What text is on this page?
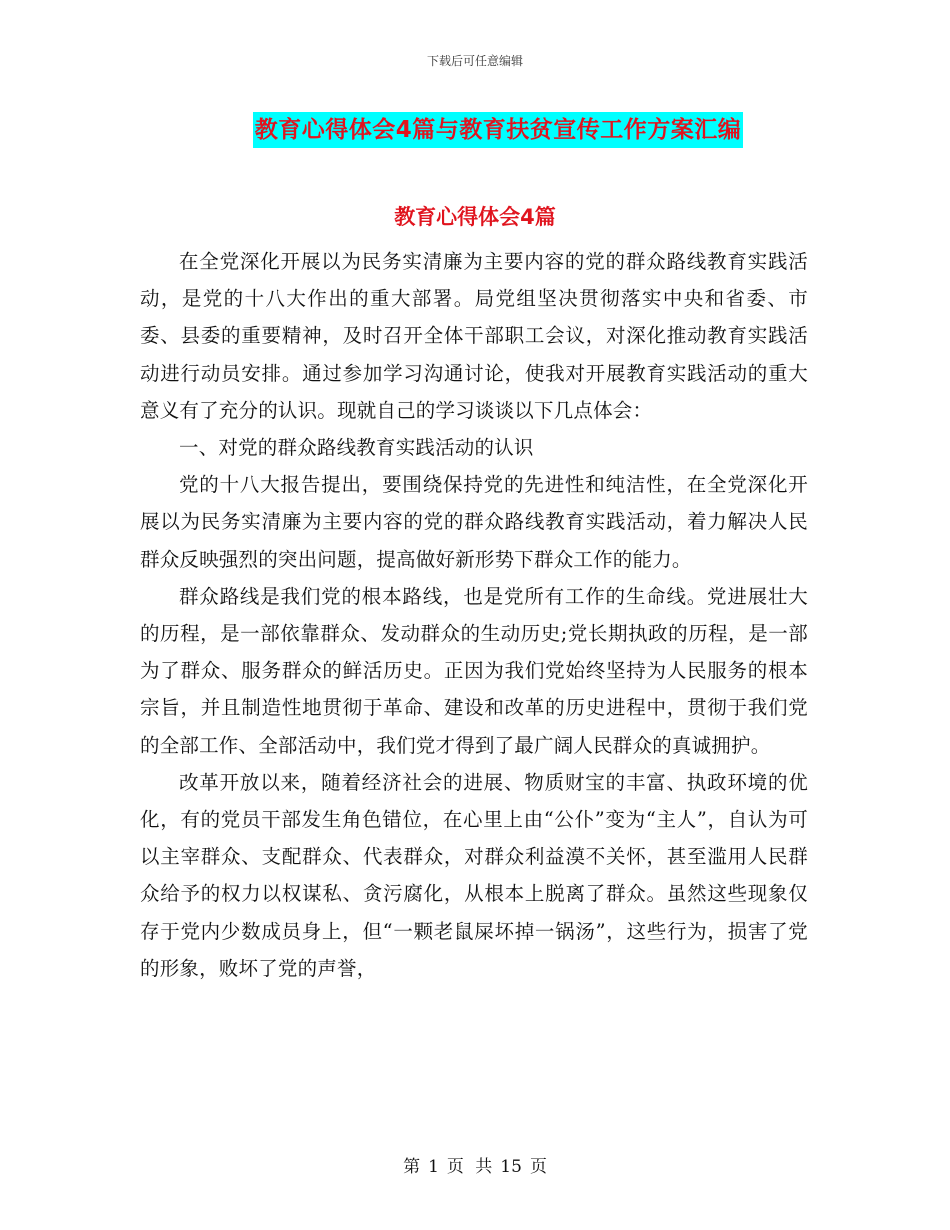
下载后可任意编辑
教育心得体会4篇与教育扶贫宣传工作方案汇编
教育心得体会4篇

在全党深化开展以为民务实清廉为主要内容的党的群众路线教育实践活动，是党的十八大作出的重大部署。局党组坚决贯彻落实中央和省委、市委、县委的重要精神，及时召开全体干部职工会议，对深化推动教育实践活动进行动员安排。通过参加学习沟通讨论，使我对开展教育实践活动的重大意义有了充分的认识。现就自己的学习谈谈以下几点体会：

一、对党的群众路线教育实践活动的认识

党的十八大报告提出，要围绕保持党的先进性和纯洁性，在全党深化开展以为民务实清廉为主要内容的党的群众路线教育实践活动，着力解决人民群众反映强烈的突出问题，提高做好新形势下群众工作的能力。

群众路线是我们党的根本路线，也是党所有工作的生命线。党进展壮大的历程，是一部依靠群众、发动群众的生动历史;党长期执政的历程，是一部为了群众、服务群众的鲜活历史。正因为我们党始终坚持为人民服务的根本宗旨，并且制造性地贯彻于革命、建设和改革的历史进程中，贯彻于我们党的全部工作、全部活动中，我们党才得到了最广阔人民群众的真诚拥护。

改革开放以来，随着经济社会的进展、物质财宝的丰富、执政环境的优化，有的党员干部发生角色错位，在心里上由“公仆”变为“主人”，自认为可以主宰群众、支配群众、代表群众，对群众利益漠不关怀，甚至滥用人民群众给予的权力以权谋私、贪污腐化，从根本上脱离了群众。虽然这些现象仅存于党内少数成员身上，但“一颗老鼠屎坏掉一锅汤”，这些行为，损害了党的形象，败坏了党的声誉，

第 1 页 共 15 页
